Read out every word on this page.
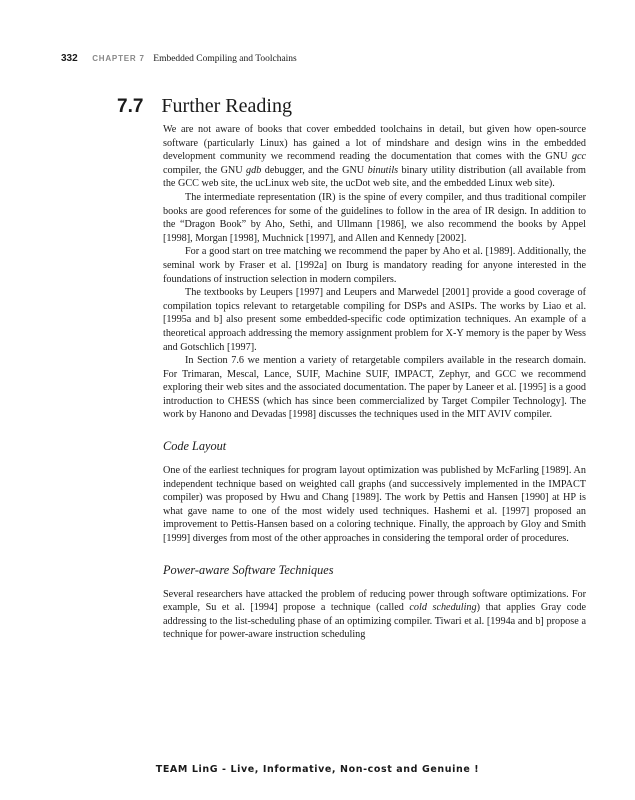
332 CHAPTER 7 Embedded Compiling and Toolchains
7.7 Further Reading

We are not aware of books that cover embedded toolchains in detail, but given how open-source software (particularly Linux) has gained a lot of mindshare and design wins in the embedded development community we recommend reading the documentation that comes with the GNU gcc compiler, the GNU gdb debugger, and the GNU binutils binary utility distribution (all available from the GCC web site, the ucLinux web site, the ucDot web site, and the embedded Linux web site).

The intermediate representation (IR) is the spine of every compiler, and thus traditional compiler books are good references for some of the guidelines to follow in the area of IR design. In addition to the “Dragon Book” by Aho, Sethi, and Ullmann [1986], we also recommend the books by Appel [1998], Morgan [1998], Muchnick [1997], and Allen and Kennedy [2002].

For a good start on tree matching we recommend the paper by Aho et al. [1989]. Additionally, the seminal work by Fraser et al. [1992a] on Iburg is mandatory reading for anyone interested in the foundations of instruction selection in modern compilers.

The textbooks by Leupers [1997] and Leupers and Marwedel [2001] provide a good coverage of compilation topics relevant to retargetable compiling for DSPs and ASIPs. The works by Liao et al. [1995a and b] also present some embedded-specific code optimization techniques. An example of a theoretical approach addressing the memory assignment problem for X-Y memory is the paper by Wess and Gotschlich [1997].

In Section 7.6 we mention a variety of retargetable compilers available in the research domain. For Trimaran, Mescal, Lance, SUIF, Machine SUIF, IMPACT, Zephyr, and GCC we recommend exploring their web sites and the associated documentation. The paper by Laneer et al. [1995] is a good introduction to CHESS (which has since been commercialized by Target Compiler Technology]. The work by Hanono and Devadas [1998] discusses the techniques used in the MIT AVIV compiler.

Code Layout

One of the earliest techniques for program layout optimization was published by McFarling [1989]. An independent technique based on weighted call graphs (and successively implemented in the IMPACT compiler) was proposed by Hwu and Chang [1989]. The work by Pettis and Hansen [1990] at HP is what gave name to one of the most widely used techniques. Hashemi et al. [1997] proposed an improvement to Pettis-Hansen based on a coloring technique. Finally, the approach by Gloy and Smith [1999] diverges from most of the other approaches in considering the temporal order of procedures.

Power-aware Software Techniques

Several researchers have attacked the problem of reducing power through software optimizations. For example, Su et al. [1994] propose a technique (called cold scheduling) that applies Gray code addressing to the list-scheduling phase of an optimizing compiler. Tiwari et al. [1994a and b] propose a technique for power-aware instruction scheduling

TEAM LinG - Live, Informative, Non-cost and Genuine !
